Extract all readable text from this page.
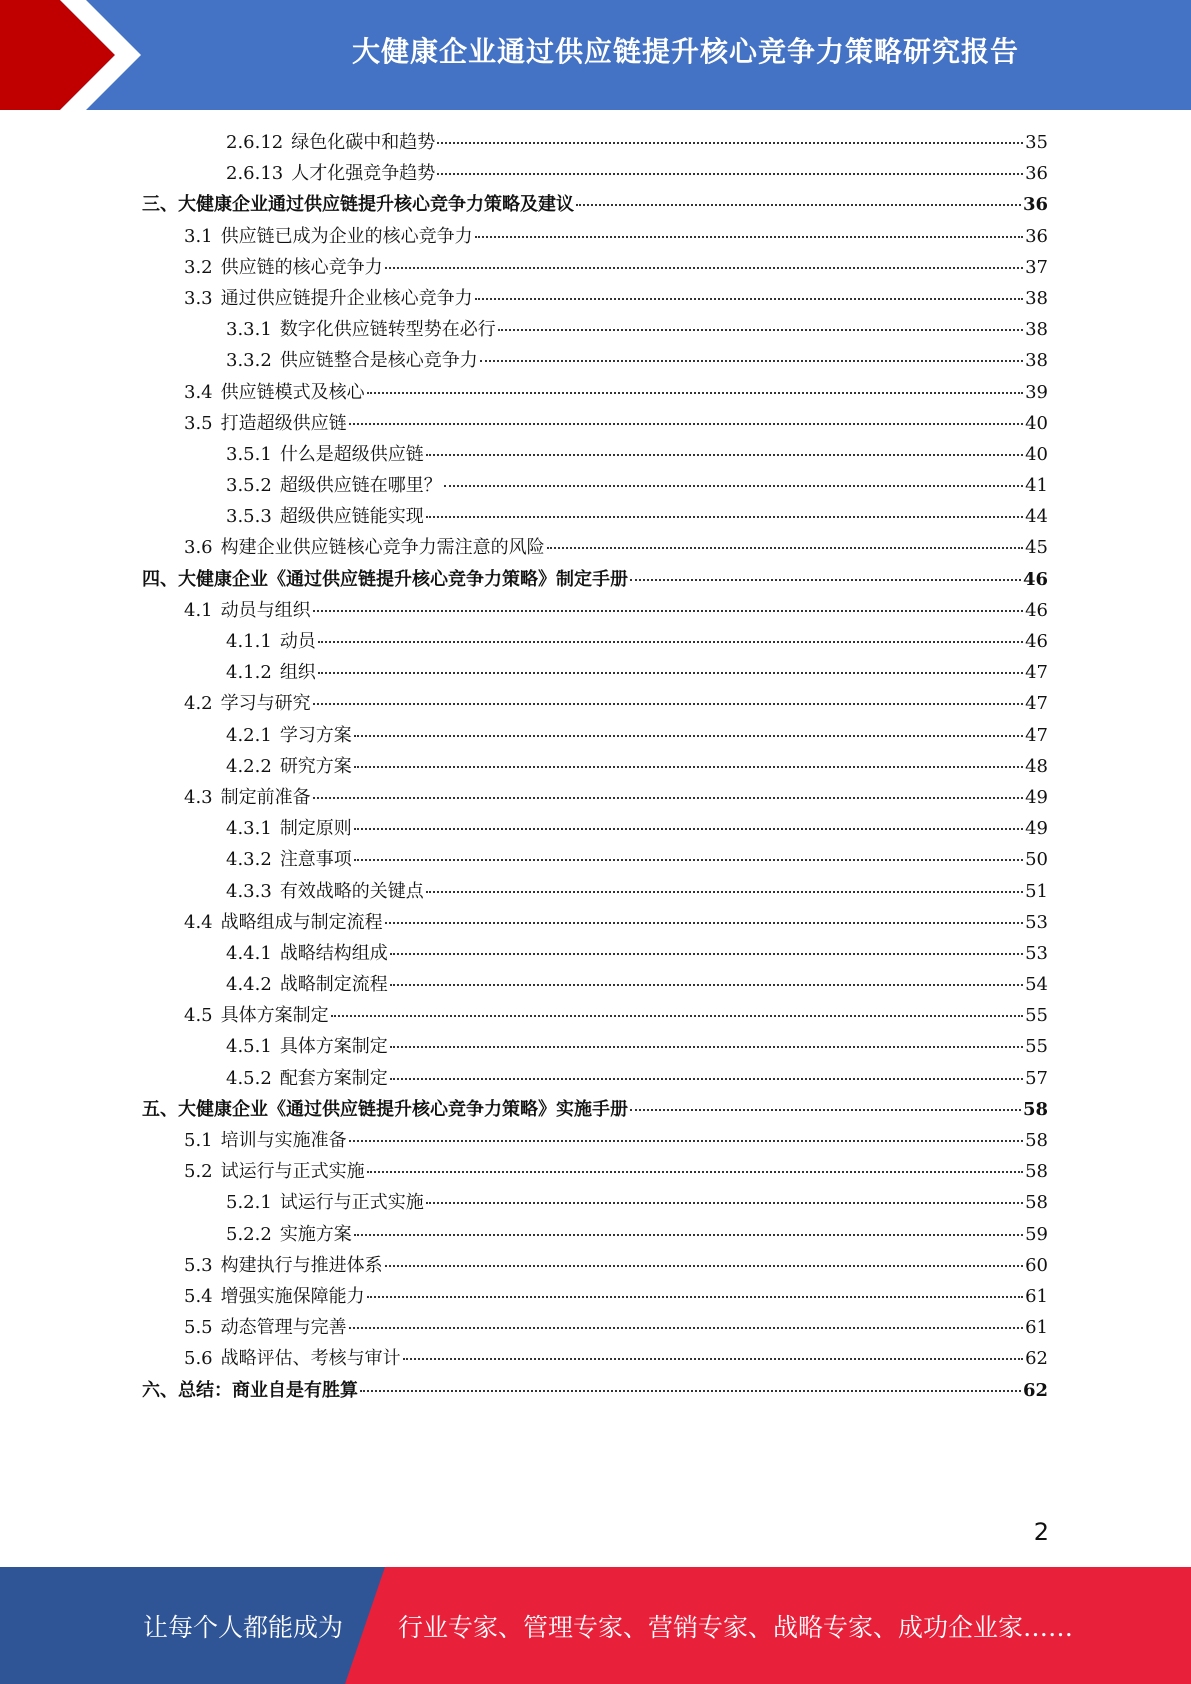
大健康企业通过供应链提升核心竞争力策略研究报告
2.6.12 绿色化碳中和趋势	35
2.6.13 人才化强竞争趋势	36
三、大健康企业通过供应链提升核心竞争力策略及建议	36
3.1 供应链已成为企业的核心竞争力	36
3.2 供应链的核心竞争力	37
3.3 通过供应链提升企业核心竞争力	38
3.3.1 数字化供应链转型势在必行	38
3.3.2 供应链整合是核心竞争力	38
3.4 供应链模式及核心	39
3.5 打造超级供应链	40
3.5.1 什么是超级供应链	40
3.5.2 超级供应链在哪里？	41
3.5.3 超级供应链能实现	44
3.6 构建企业供应链核心竞争力需注意的风险	45
四、大健康企业《通过供应链提升核心竞争力策略》制定手册	46
4.1 动员与组织	46
4.1.1 动员	46
4.1.2 组织	47
4.2 学习与研究	47
4.2.1 学习方案	47
4.2.2 研究方案	48
4.3 制定前准备	49
4.3.1 制定原则	49
4.3.2 注意事项	50
4.3.3 有效战略的关键点	51
4.4 战略组成与制定流程	53
4.4.1 战略结构组成	53
4.4.2 战略制定流程	54
4.5 具体方案制定	55
4.5.1 具体方案制定	55
4.5.2 配套方案制定	57
五、大健康企业《通过供应链提升核心竞争力策略》实施手册	58
5.1 培训与实施准备	58
5.2 试运行与正式实施	58
5.2.1 试运行与正式实施	58
5.2.2 实施方案	59
5.3 构建执行与推进体系	60
5.4 增强实施保障能力	61
5.5 动态管理与完善	61
5.6 战略评估、考核与审计	62
六、总结：商业自是有胜算	62
2
让每个人都能成为 行业专家、管理专家、营销专家、战略专家、成功企业家……
